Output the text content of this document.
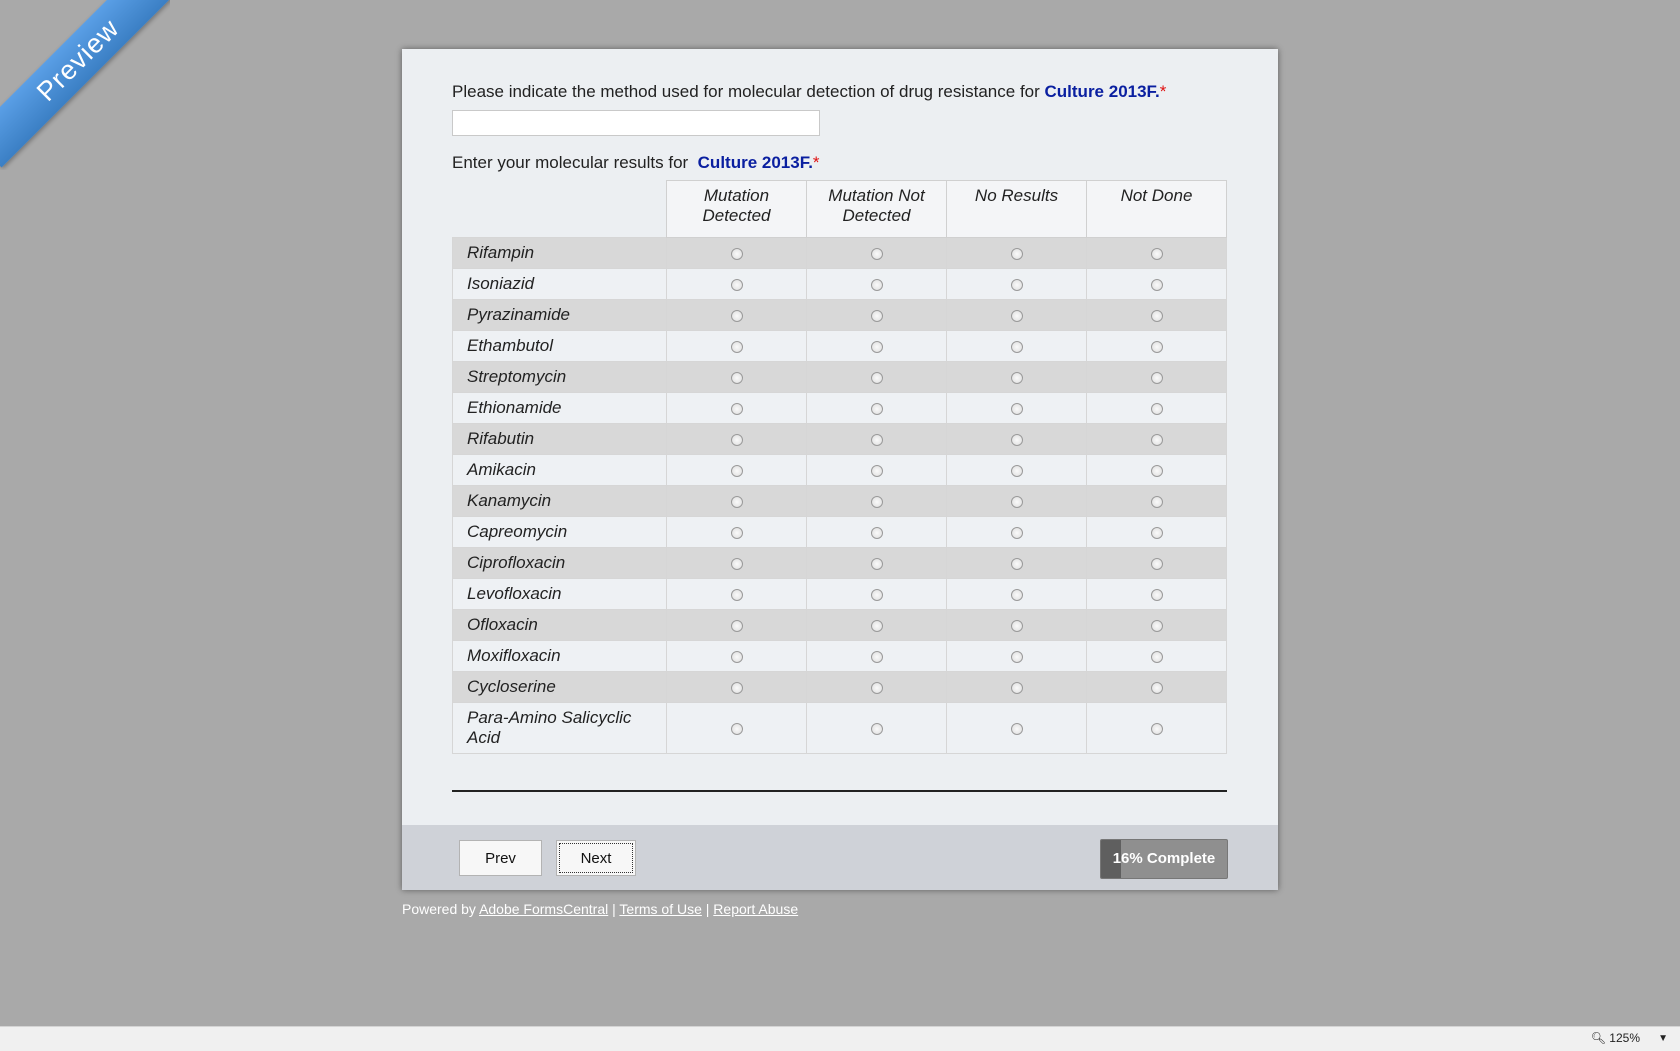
Preview	Please indicate the method used for molecular detection of drug resistance for Culture 2013F.*
Enter your molecular results for Culture 2013F.*
	Mutation Detected	Mutation Not Detected	No Results	Not Done
Rifampin				
Isoniazid				
Pyrazinamide				
Ethambutol				
Streptomycin				
Ethionamide				
Rifabutin				
Amikacin				
Kanamycin				
Capreomycin				
Ciprofloxacin				
Levofloxacin				
Ofloxacin				
Moxifloxacin				
Cycloserine				
Para-Amino Salicyclic Acid				
Prev	Next	16% Complete
Powered by Adobe FormsCentral | Terms of Use | Report Abuse
🔍︎ 125% ▼
